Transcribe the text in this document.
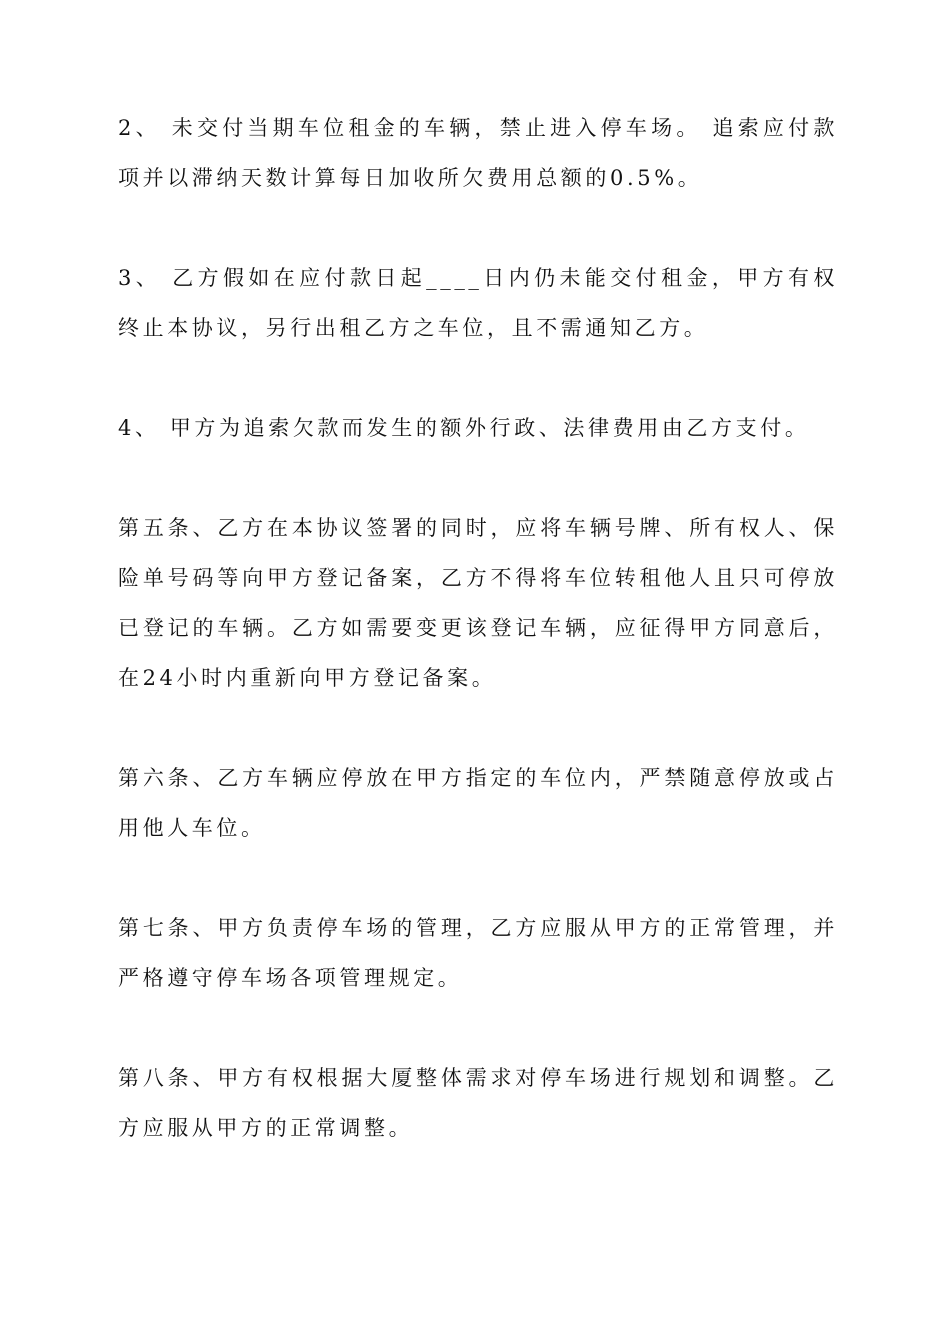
2、 未交付当期车位租金的车辆，禁止进入停车场。 追索应付款项并以滞纳天数计算每日加收所欠费用总额的0.5%。

3、 乙方假如在应付款日起____日内仍未能交付租金，甲方有权终止本协议，另行出租乙方之车位，且不需通知乙方。

4、 甲方为追索欠款而发生的额外行政、法律费用由乙方支付。

第五条、乙方在本协议签署的同时，应将车辆号牌、所有权人、保险单号码等向甲方登记备案，乙方不得将车位转租他人且只可停放已登记的车辆。乙方如需要变更该登记车辆，应征得甲方同意后，在24小时内重新向甲方登记备案。

第六条、乙方车辆应停放在甲方指定的车位内，严禁随意停放或占用他人车位。

第七条、甲方负责停车场的管理，乙方应服从甲方的正常管理，并严格遵守停车场各项管理规定。

第八条、甲方有权根据大厦整体需求对停车场进行规划和调整。乙方应服从甲方的正常调整。
